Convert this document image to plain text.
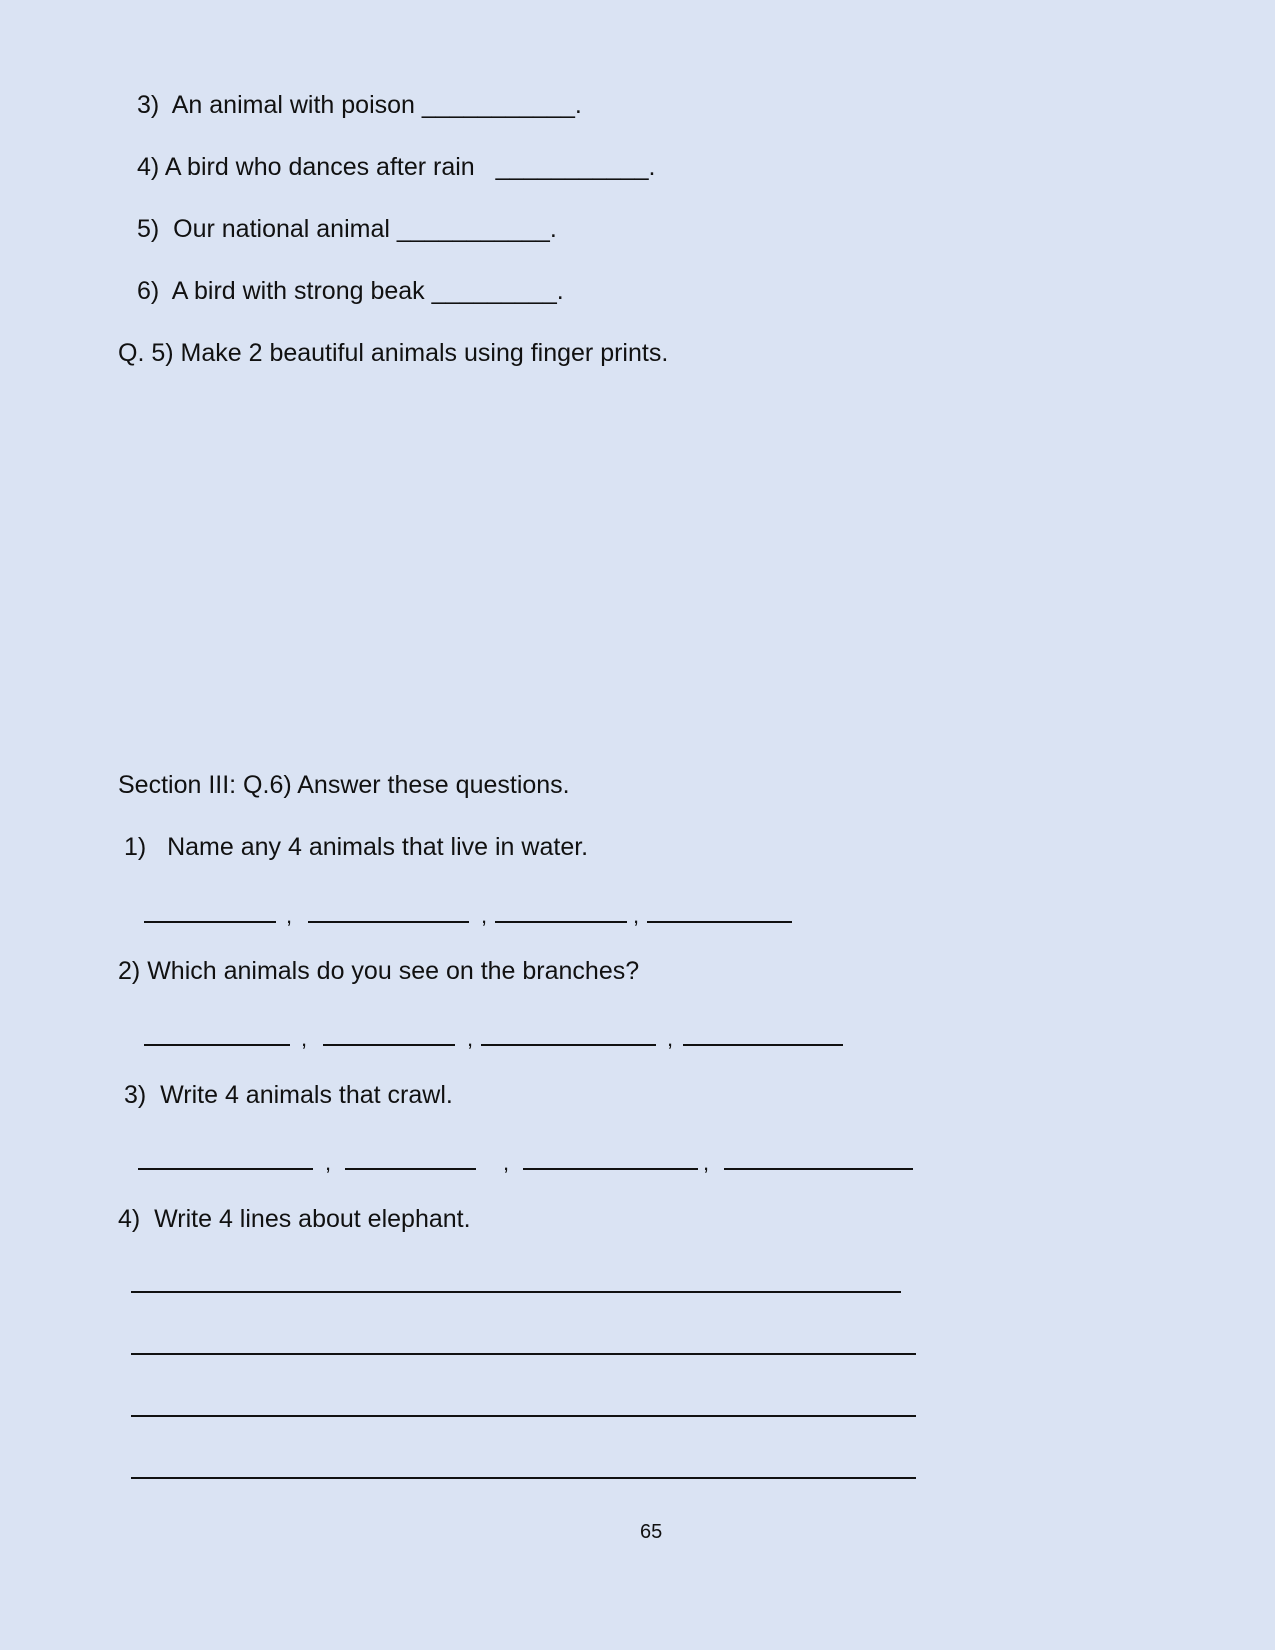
3) An animal with poison ___________.
4) A bird who dances after rain ___________.
5) Our national animal ___________.
6) A bird with strong beak _________.
Q. 5) Make 2 beautiful animals using finger prints.
Section III: Q.6) Answer these questions.
1) Name any 4 animals that live in water.
,	,	,
2) Which animals do you see on the branches?
,	,	,
3) Write 4 animals that crawl.
,	,	,
4) Write 4 lines about elephant.
65
